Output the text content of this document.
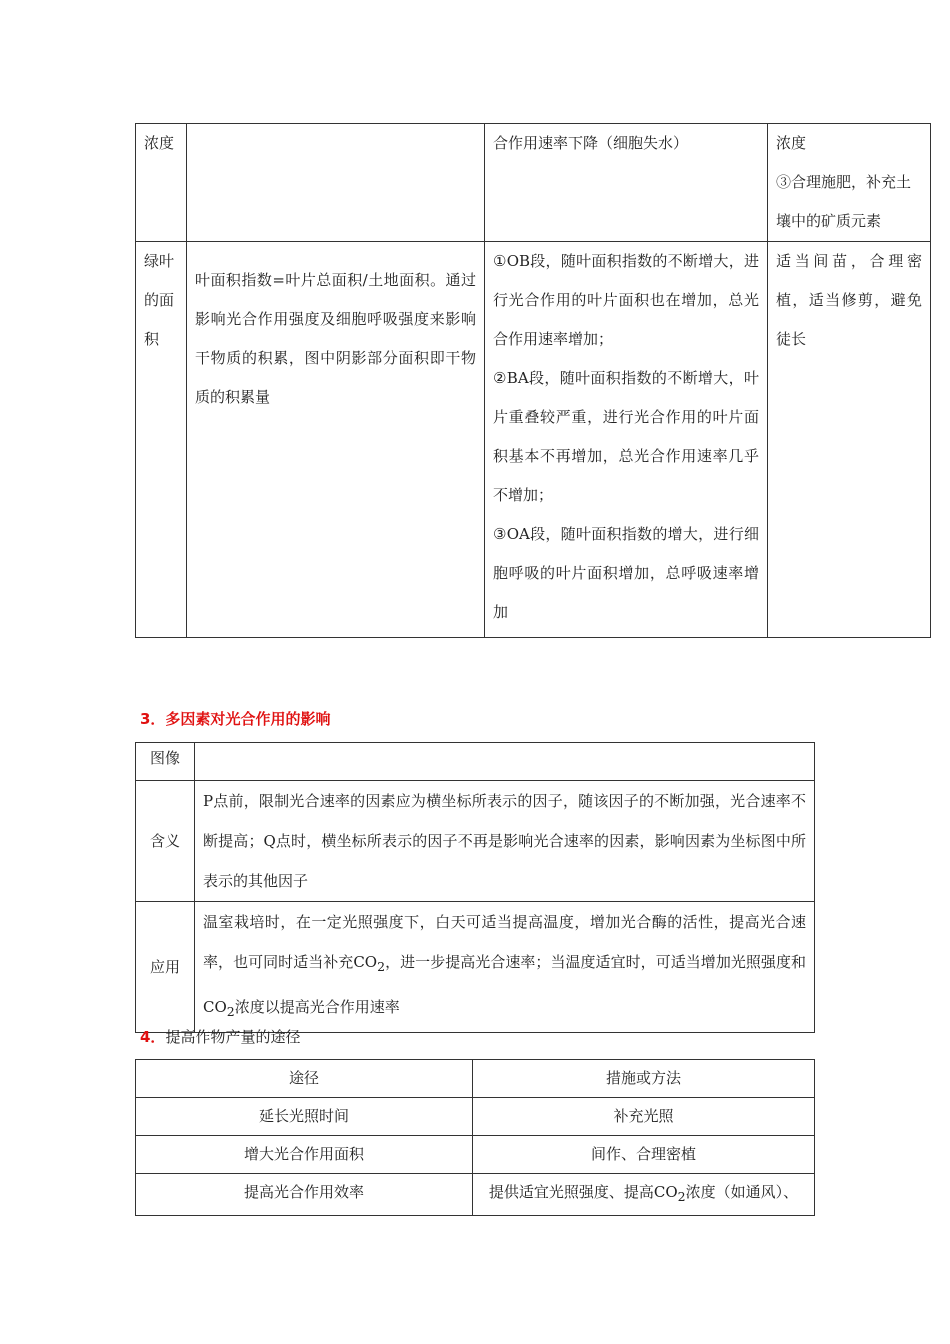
浓度		合作用速率下降（细胞失水）	浓度
③合理施肥，补充土壤中的矿质元素

绿叶的面积	叶面积指数=叶片总面积/土地面积。通过影响光合作用强度及细胞呼吸强度来影响干物质的积累，图中阴影部分面积即干物质的积累量	①OB段，随叶面积指数的不断增大，进行光合作用的叶片面积也在增加，总光合作用速率增加；
②BA段，随叶面积指数的不断增大，叶片重叠较严重，进行光合作用的叶片面积基本不再增加，总光合作用速率几乎不增加；
③OA段，随叶面积指数的增大，进行细胞呼吸的叶片面积增加，总呼吸速率增加	适当间苗，合理密植，适当修剪，避免徒长
3．多因素对光合作用的影响
图像	
含义	P点前，限制光合速率的因素应为横坐标所表示的因子，随该因子的不断加强，光合速率不断提高；Q点时，横坐标所表示的因子不再是影响光合速率的因素，影响因素为坐标图中所表示的其他因子
应用	温室栽培时，在一定光照强度下，白天可适当提高温度，增加光合酶的活性，提高光合速率，也可同时适当补充$CO_2$，进一步提高光合速率；当温度适宜时，可适当增加光照强度和$CO_2$浓度以提高光合作用速率
4．提高作物产量的途径
途径	措施或方法
延长光照时间	补充光照
增大光合作用面积	间作、合理密植
提高光合作用效率	提供适宜光照强度、提高$CO_2$浓度（如通风）、
